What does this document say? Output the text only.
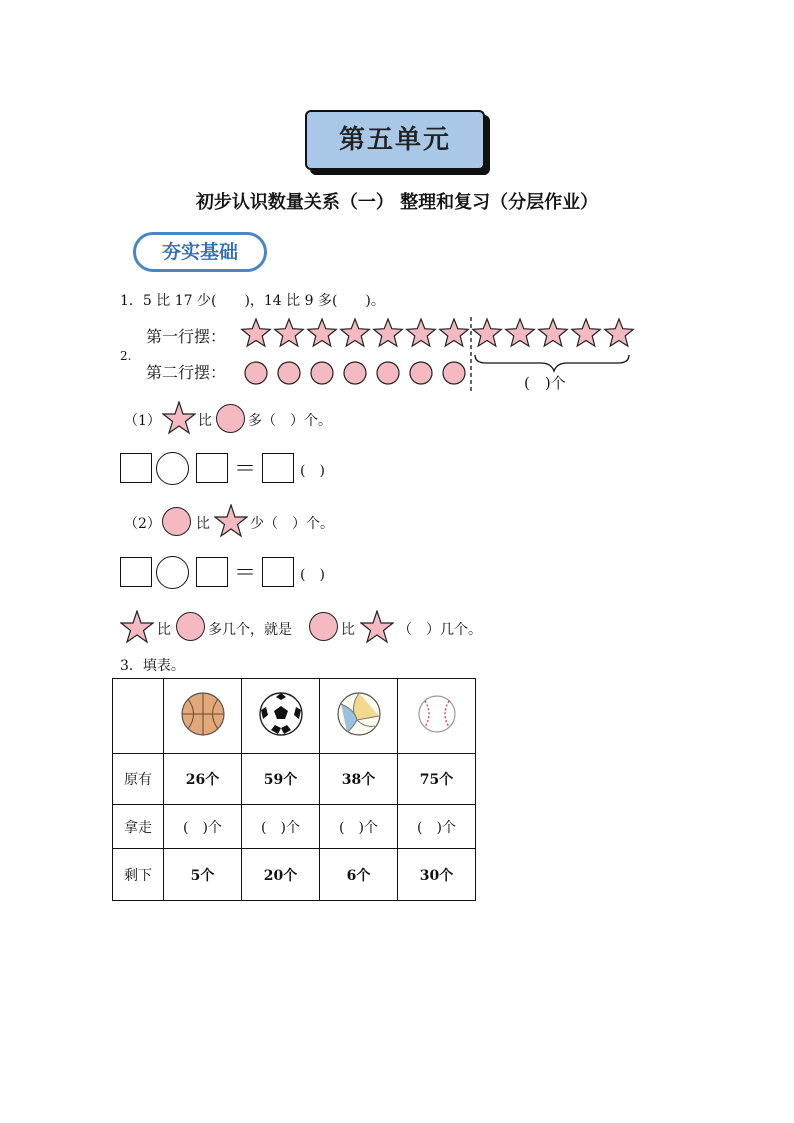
第五单元
初步认识数量关系（一） 整理和复习（分层作业）
夯实基础
1．5 比 17 少(　　)，14 比 9 多(　　)。
2.
第一行摆：
第二行摆：
(　)个
（1）	比	多（　）个。
＝	(　)
（2）	比	少（　）个。
＝	(　)
比	多几个，就是	比	（　）几个。
3．填表。

原有	26个	59个	38个	75个
拿走	(　)个	(　)个	(　)个	(　)个
剩下	5个	20个	6个	30个
